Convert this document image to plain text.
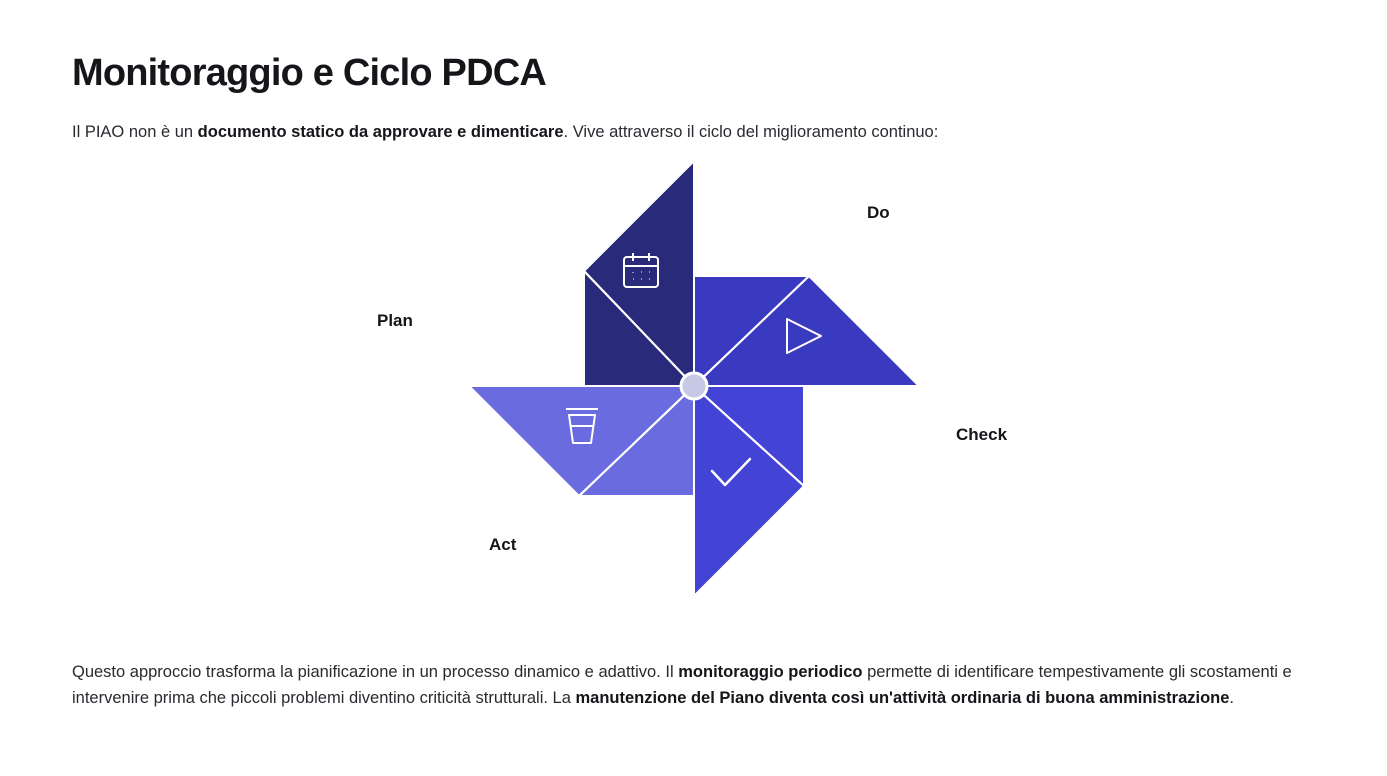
Monitoraggio e Ciclo PDCA

Il PIAO non è un documento statico da approvare e dimenticare. Vive attraverso il ciclo del miglioramento continuo:

Plan
Do
Check
Act

Questo approccio trasforma la pianificazione in un processo dinamico e adattivo. Il monitoraggio periodico permette di identificare tempestivamente gli scostamenti e intervenire prima che piccoli problemi diventino criticità strutturali. La manutenzione del Piano diventa così un'attività ordinaria di buona amministrazione.
